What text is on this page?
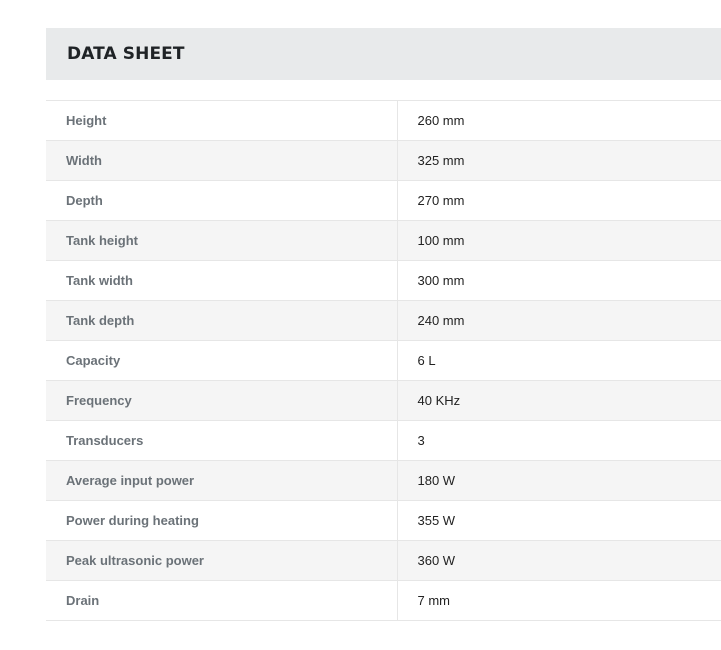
DATA SHEET
Height	260 mm
Width	325 mm
Depth	270 mm
Tank height	100 mm
Tank width	300 mm
Tank depth	240 mm
Capacity	6 L
Frequency	40 KHz
Transducers	3
Average input power	180 W
Power during heating	355 W
Peak ultrasonic power	360 W
Drain	7 mm
